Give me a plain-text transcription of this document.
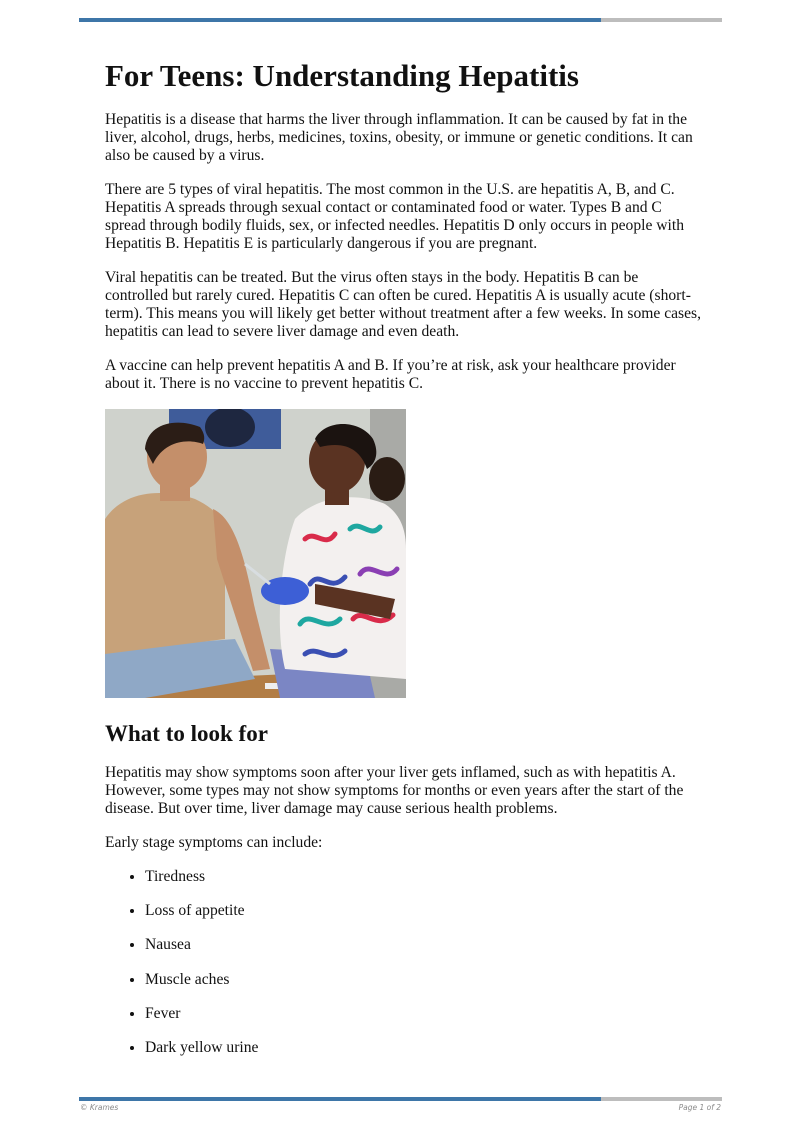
For Teens: Understanding Hepatitis

Hepatitis is a disease that harms the liver through inflammation. It can be caused by fat in the liver, alcohol, drugs, herbs, medicines, toxins, obesity, or immune or genetic conditions. It can also be caused by a virus.

There are 5 types of viral hepatitis. The most common in the U.S. are hepatitis A, B, and C. Hepatitis A spreads through sexual contact or contaminated food or water. Types B and C spread through bodily fluids, sex, or infected needles. Hepatitis D only occurs in people with Hepatitis B. Hepatitis E is particularly dangerous if you are pregnant.

Viral hepatitis can be treated. But the virus often stays in the body. Hepatitis B can be controlled but rarely cured. Hepatitis C can often be cured. Hepatitis A is usually acute (short-term). This means you will likely get better without treatment after a few weeks. In some cases, hepatitis can lead to severe liver damage and even death.

A vaccine can help prevent hepatitis A and B. If you’re at risk, ask your healthcare provider about it. There is no vaccine to prevent hepatitis C.

What to look for

Hepatitis may show symptoms soon after your liver gets inflamed, such as with hepatitis A. However, some types may not show symptoms for months or even years after the start of the disease. But over time, liver damage may cause serious health problems.

Early stage symptoms can include:

• Tiredness
• Loss of appetite
• Nausea
• Muscle aches
• Fever
• Dark yellow urine
© Krames	Page 1 of 2
